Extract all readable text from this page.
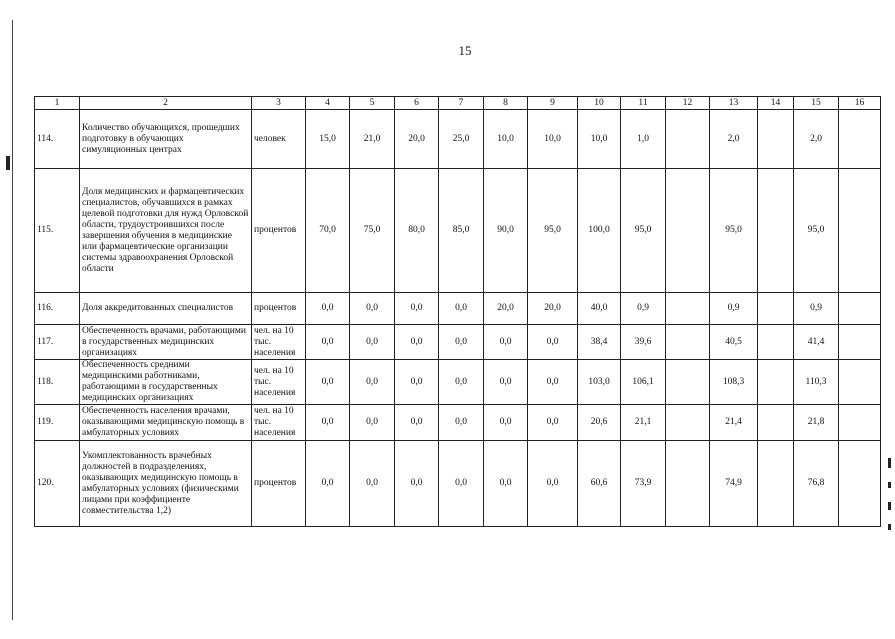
15
1	2	3	4	5	6	7	8	9	10	11	12	13	14	15	16
114.	Количество обучающихся, прошедших подготовку в обучающих симуляционных центрах	человек	15,0	21,0	20,0	25,0	10,0	10,0	10,0	1,0		2,0		2,0	
115.	Доля медицинских и фармацевтических специалистов, обучавшихся в рамках целевой подготовки для нужд Орловской области, трудоустроившихся после завершения обучения в медицинские или фармацевтические организации системы здравоохранения Орловской области	процентов	70,0	75,0	80,0	85,0	90,0	95,0	100,0	95,0		95,0		95,0	
116.	Доля аккредитованных специалистов	процентов	0,0	0,0	0,0	0,0	20,0	20,0	40,0	0,9		0,9		0,9	
117.	Обеспеченность врачами, работающими в государственных медицинских организациях	чел. на 10 тыс. населения	0,0	0,0	0,0	0,0	0,0	0,0	38,4	39,6		40,5		41,4	
118.	Обеспеченность средними медицинскими работниками, работающими в государственных медицинских организациях	чел. на 10 тыс. населения	0,0	0,0	0,0	0,0	0,0	0,0	103,0	106,1		108,3		110,3	
119.	Обеспеченность населения врачами, оказывающими медицинскую помощь в амбулаторных условиях	чел. на 10 тыс. населения	0,0	0,0	0,0	0,0	0,0	0,0	20,6	21,1		21,4		21,8	
120.	Укомплектованность врачебных должностей в подразделениях, оказывающих медицинскую помощь в амбулаторных условиях (физическими лицами при коэффициенте совместительства 1,2)	процентов	0,0	0,0	0,0	0,0	0,0	0,0	60,6	73,9		74,9		76,8	
